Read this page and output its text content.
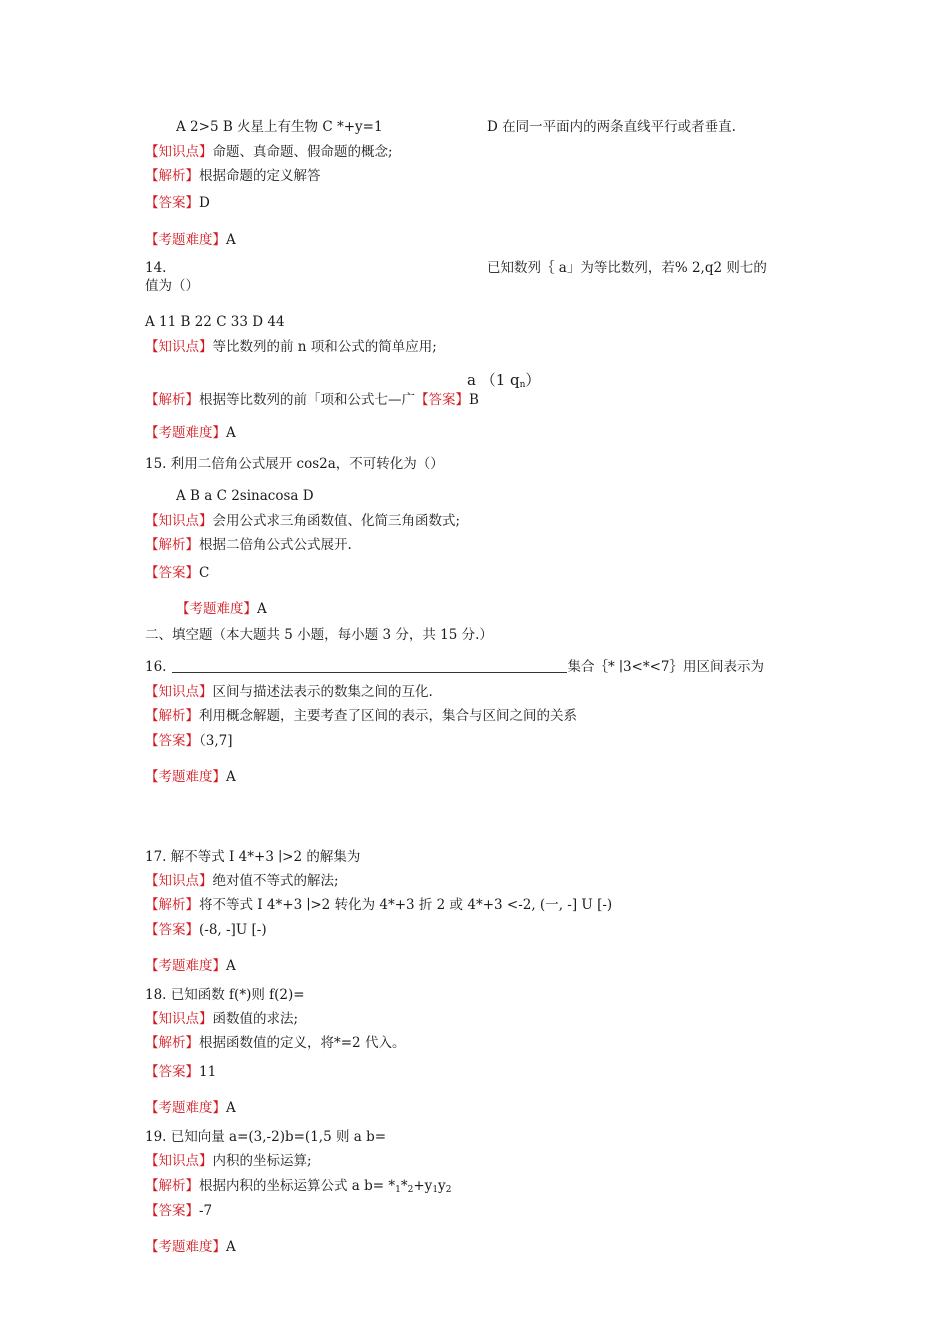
A 2>5 B 火星上有生物 C *+y=1	D 在同一平面内的两条直线平行或者垂直.
【知识点】命题、真命题、假命题的概念;
【解析】根据命题的定义解答
【答案】D
【考题难度】A
14.	已知数列｛ a」为等比数列，若% 2,q2 则七的
值为（）
A 11 B 22 C 33 D 44
【知识点】等比数列的前 n 项和公式的简单应用;
a （1 $q_n$）
【解析】根据等比数列的前「项和公式七—广【答案】B
【考题难度】A
15. 利用二倍角公式展开 cos2a，不可转化为（）
A B a C 2sinacosa D
【知识点】会用公式求三角函数值、化简三角函数式;
【解析】根据二倍角公式公式展开.
【答案】C
【考题难度】A
二、填空题（本大题共 5 小题，每小题 3 分，共 15 分.）
16.	集合｛* ∣3<*<7｝用区间表示为
【知识点】区间与描述法表示的数集之间的互化.
【解析】利用概念解题，主要考查了区间的表示，集合与区间之间的关系
【答案】（3,7]
【考题难度】A
17. 解不等式 I 4*+3 ∣>2 的解集为
【知识点】绝对值不等式的解法;
【解析】将不等式 I 4*+3 ∣>2 转化为 4*+3 折 2 或 4*+3 <-2, (一, -] U [-)
【答案】(-8, -]U [-)
【考题难度】A
18. 已知函数 f(*)则 f(2)=
【知识点】函数值的求法;
【解析】根据函数值的定义，将*=2 代入。
【答案】11
【考题难度】A
19. 已知向量 a=(3,-2)b=(1,5 则 a b=
【知识点】内积的坐标运算;
【解析】根据内积的坐标运算公式 a $b= *_1*_2+y_1y_2$
【答案】-7
【考题难度】A
